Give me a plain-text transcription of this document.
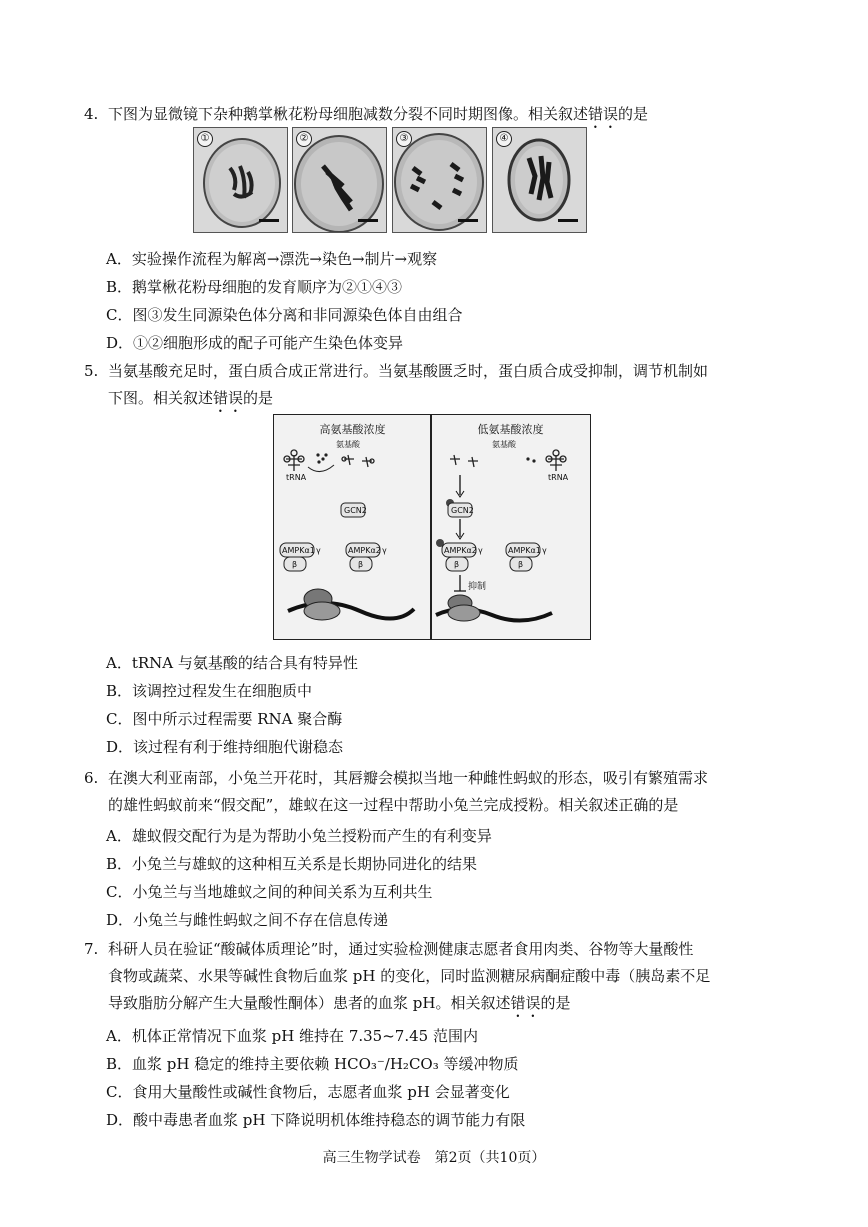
4. 下图为显微镜下杂种鹅掌楸花粉母细胞减数分裂不同时期图像。相关叙述错误的是
①	②	③	④
A．实验操作流程为解离→漂洗→染色→制片→观察
B．鹅掌楸花粉母细胞的发育顺序为②①④③
C．图③发生同源染色体分离和非同源染色体自由组合
D．①②细胞形成的配子可能产生染色体变异
5. 当氨基酸充足时，蛋白质合成正常进行。当氨基酸匮乏时，蛋白质合成受抑制，调节机制如
下图。相关叙述错误的是
高氨基酸浓度
氨基酸
tRNA
GCN2
AMPKα1
β
γ	AMPKα2
β
γ
低氨基酸浓度
氨基酸
tRNA
GCN2
AMPKα2
β
γ	AMPKα1
β
γ
抑制
A．tRNA 与氨基酸的结合具有特异性
B．该调控过程发生在细胞质中
C．图中所示过程需要 RNA 聚合酶
D．该过程有利于维持细胞代谢稳态
6. 在澳大利亚南部，小兔兰开花时，其唇瓣会模拟当地一种雌性蚂蚁的形态，吸引有繁殖需求
的雄性蚂蚁前来“假交配”，雄蚁在这一过程中帮助小兔兰完成授粉。相关叙述正确的是
A．雄蚁假交配行为是为帮助小兔兰授粉而产生的有利变异
B．小兔兰与雄蚁的这种相互关系是长期协同进化的结果
C．小兔兰与当地雄蚁之间的种间关系为互利共生
D．小兔兰与雌性蚂蚁之间不存在信息传递
7. 科研人员在验证“酸碱体质理论”时，通过实验检测健康志愿者食用肉类、谷物等大量酸性
食物或蔬菜、水果等碱性食物后血浆 pH 的变化，同时监测糖尿病酮症酸中毒（胰岛素不足
导致脂肪分解产生大量酸性酮体）患者的血浆 pH。相关叙述错误的是
A．机体正常情况下血浆 pH 维持在 7.35~7.45 范围内
B．血浆 pH 稳定的维持主要依赖 HCO₃⁻/H₂CO₃ 等缓冲物质
C．食用大量酸性或碱性食物后，志愿者血浆 pH 会显著变化
D．酸中毒患者血浆 pH 下降说明机体维持稳态的调节能力有限
高三生物学试卷　第2页（共10页）
